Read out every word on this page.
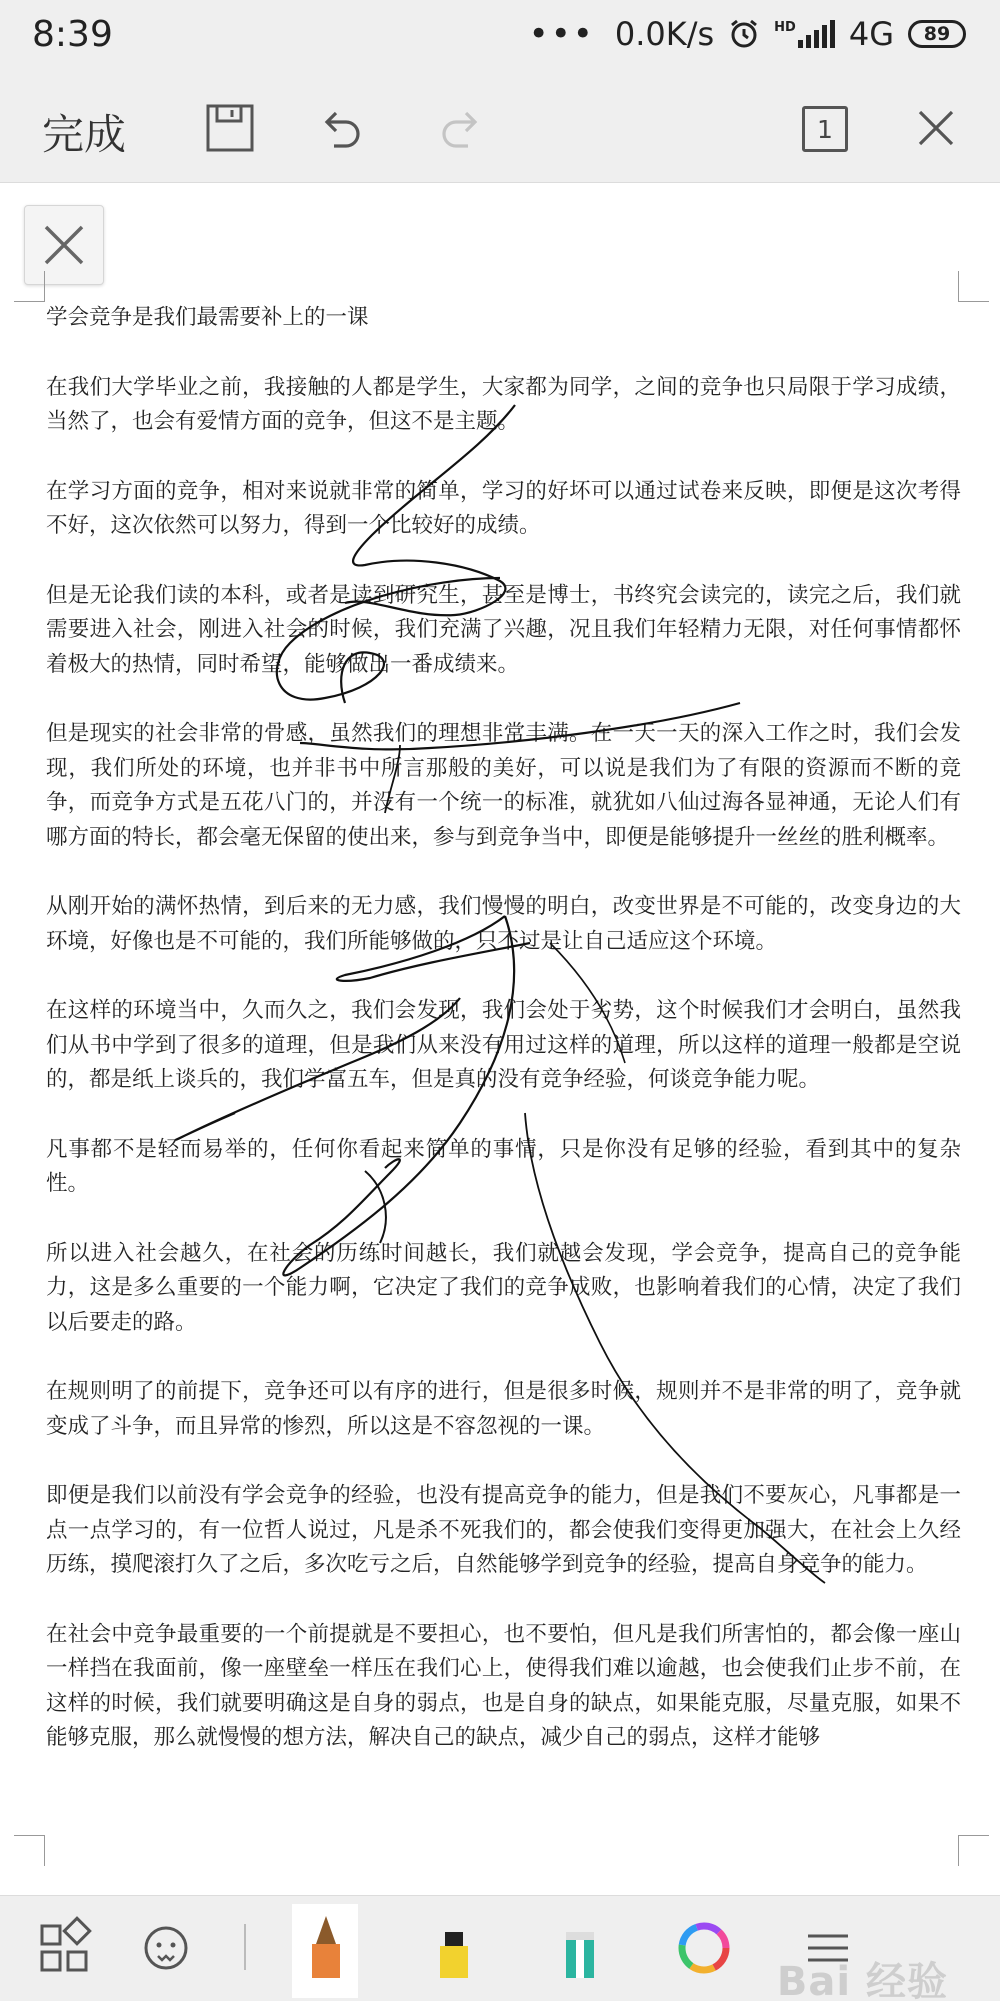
8:39	••• 0.0K/s	HD 4G 89
完成	1

学会竞争是我们最需要补上的一课

在我们大学毕业之前，我接触的人都是学生，大家都为同学，之间的竞争也只局限于学习成绩，当然了，也会有爱情方面的竞争，但这不是主题。

在学习方面的竞争，相对来说就非常的简单，学习的好坏可以通过试卷来反映，即便是这次考得不好，这次依然可以努力，得到一个比较好的成绩。

但是无论我们读的本科，或者是读到研究生，甚至是博士，书终究会读完的，读完之后，我们就需要进入社会，刚进入社会的时候，我们充满了兴趣，况且我们年轻精力无限，对任何事情都怀着极大的热情，同时希望，能够做出一番成绩来。

但是现实的社会非常的骨感，虽然我们的理想非常丰满。在一天一天的深入工作之时，我们会发现，我们所处的环境，也并非书中所言那般的美好，可以说是我们为了有限的资源而不断的竞争，而竞争方式是五花八门的，并没有一个统一的标准，就犹如八仙过海各显神通，无论人们有哪方面的特长，都会毫无保留的使出来，参与到竞争当中，即便是能够提升一丝丝的胜利概率。

从刚开始的满怀热情，到后来的无力感，我们慢慢的明白，改变世界是不可能的，改变身边的大环境，好像也是不可能的，我们所能够做的，只不过是让自己适应这个环境。

在这样的环境当中，久而久之，我们会发现，我们会处于劣势，这个时候我们才会明白，虽然我们从书中学到了很多的道理，但是我们从来没有用过这样的道理，所以这样的道理一般都是空说的，都是纸上谈兵的，我们学富五车，但是真的没有竞争经验，何谈竞争能力呢。

凡事都不是轻而易举的，任何你看起来简单的事情，只是你没有足够的经验，看到其中的复杂性。

所以进入社会越久，在社会的历练时间越长，我们就越会发现，学会竞争，提高自己的竞争能力，这是多么重要的一个能力啊，它决定了我们的竞争成败，也影响着我们的心情，决定了我们以后要走的路。

在规则明了的前提下，竞争还可以有序的进行，但是很多时候，规则并不是非常的明了，竞争就变成了斗争，而且异常的惨烈，所以这是不容忽视的一课。

即便是我们以前没有学会竞争的经验，也没有提高竞争的能力，但是我们不要灰心，凡事都是一点一点学习的，有一位哲人说过，凡是杀不死我们的，都会使我们变得更加强大，在社会上久经历练，摸爬滚打久了之后，多次吃亏之后，自然能够学到竞争的经验，提高自身竞争的能力。

在社会中竞争最重要的一个前提就是不要担心，也不要怕，但凡是我们所害怕的，都会像一座山一样挡在我面前，像一座壁垒一样压在我们心上，使得我们难以逾越，也会使我们止步不前，在这样的时候，我们就要明确这是自身的弱点，也是自身的缺点，如果能克服，尽量克服，如果不能够克服，那么就慢慢的想方法，解决自己的缺点，减少自己的弱点，这样才能够

Bai 经验
